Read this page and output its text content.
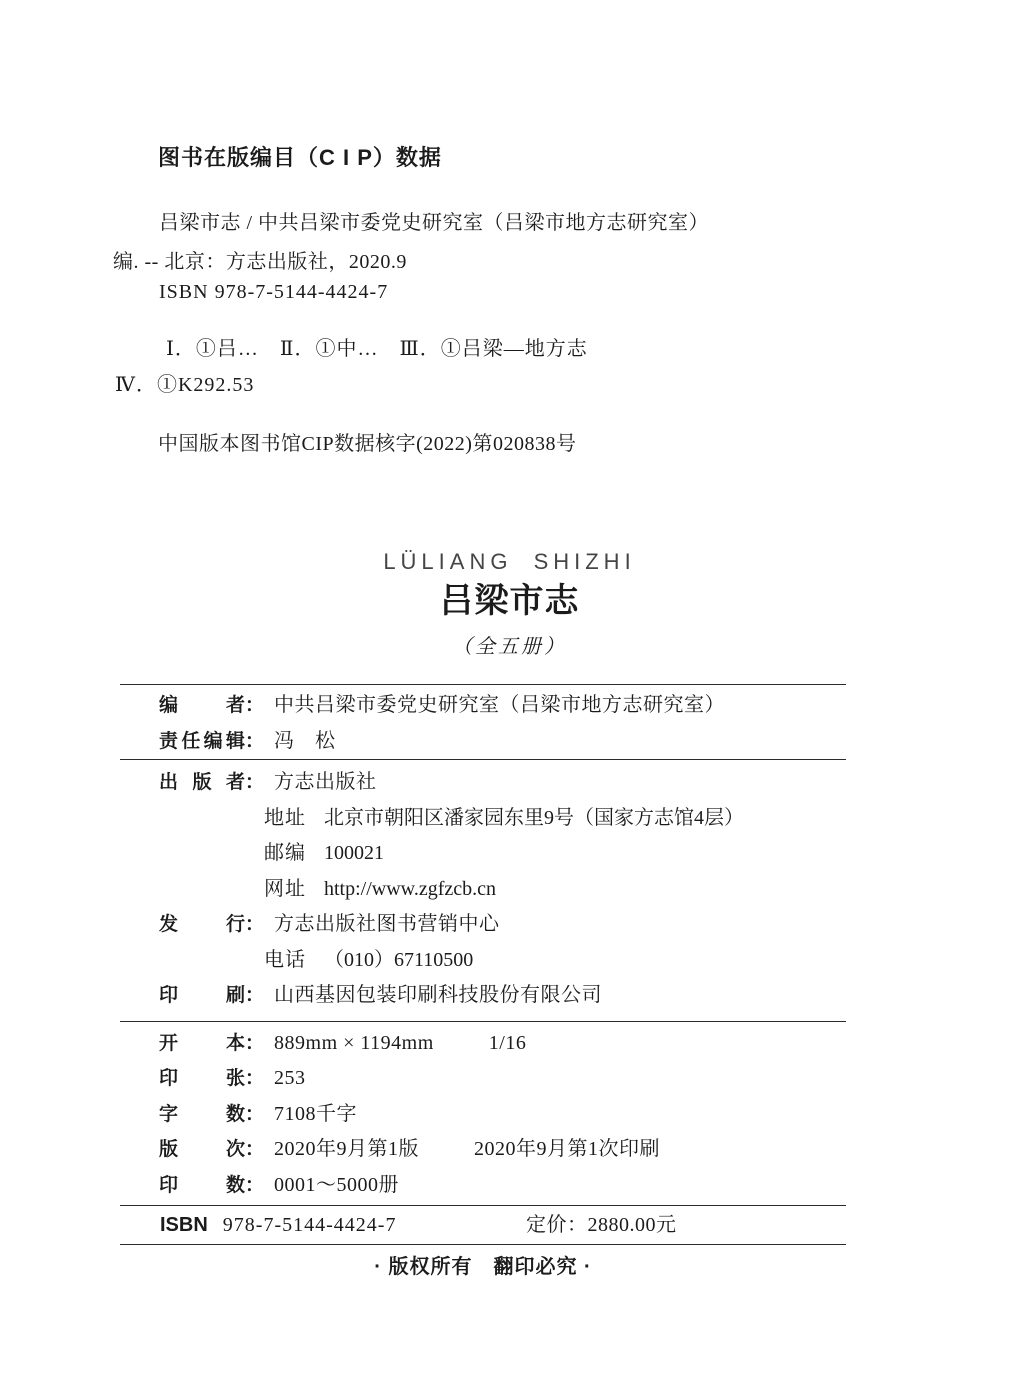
图书在版编目（C I P）数据
吕梁市志 / 中共吕梁市委党史研究室（吕梁市地方志研究室）
编. -- 北京：方志出版社，2020.9
ISBN 978-7-5144-4424-7
Ⅰ．①吕…　Ⅱ．①中…　Ⅲ．①吕梁—地方志
Ⅳ．①K292.53
中国版本图书馆CIP数据核字(2022)第020838号
LÜLIANG SHIZHI
吕梁市志
（全五册）
编者： 中共吕梁市委党史研究室（吕梁市地方志研究室）
责任编辑： 冯　松
出版者： 方志出版社
地址 北京市朝阳区潘家园东里9号（国家方志馆4层）
邮编 100021
网址 http://www.zgfzcb.cn
发行： 方志出版社图书营销中心
电话 （010）67110500
印刷： 山西基因包装印刷科技股份有限公司
开本： 889mm × 1194mm	1/16
印张： 253
字数： 7108千字
版次： 2020年9月第1版	2020年9月第1次印刷
印数： 0001～5000册
ISBN 978-7-5144-4424-7	定价：2880.00元
· 版权所有　翻印必究 ·
